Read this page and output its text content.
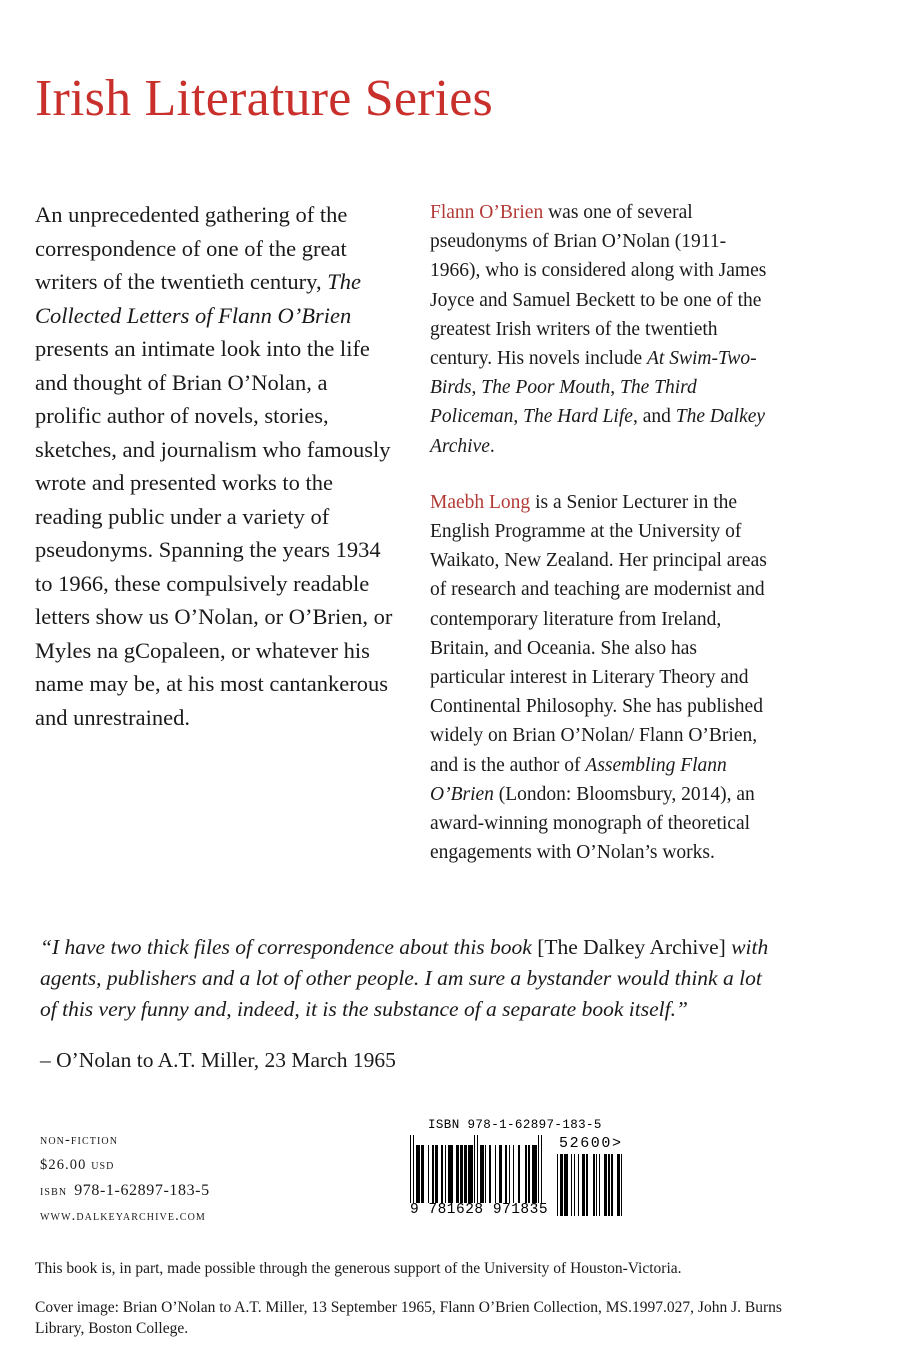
Irish Literature Series

An unprecedented gathering of the correspondence of one of the great writers of the twentieth century, The Collected Letters of Flann O’Brien presents an intimate look into the life and thought of Brian O’Nolan, a prolific author of novels, stories, sketches, and journalism who famously wrote and presented works to the reading public under a variety of pseudonyms. Spanning the years 1934 to 1966, these compulsively readable letters show us O’Nolan, or O’Brien, or Myles na gCopaleen, or whatever his name may be, at his most cantankerous and unrestrained.

Flann O’Brien was one of several pseudonyms of Brian O’Nolan (1911-1966), who is considered along with James Joyce and Samuel Beckett to be one of the greatest Irish writers of the twentieth century. His novels include At Swim-Two-Birds, The Poor Mouth, The Third Policeman, The Hard Life, and The Dalkey Archive.

Maebh Long is a Senior Lecturer in the English Programme at the University of Waikato, New Zealand. Her principal areas of research and teaching are modernist and contemporary literature from Ireland, Britain, and Oceania. She also has particular interest in Literary Theory and Continental Philosophy. She has published widely on Brian O’Nolan/ Flann O’Brien, and is the author of Assembling Flann O’Brien (London: Bloomsbury, 2014), an award-winning monograph of theoretical engagements with O’Nolan’s works.

“I have two thick files of correspondence about this book [The Dalkey Archive] with agents, publishers and a lot of other people. I am sure a bystander would think a lot of this very funny and, indeed, it is the substance of a separate book itself.”

– O’Nolan to A.T. Miller, 23 March 1965

non-fiction
$26.00 usd
isbn 978-1-62897-183-5
www.dalkeyarchive.com
ISBN 978-1-62897-183-5
9 781628 971835
52600>

This book is, in part, made possible through the generous support of the University of Houston-Victoria.

Cover image: Brian O’Nolan to A.T. Miller, 13 September 1965, Flann O’Brien Collection, MS.1997.027, John J. Burns Library, Boston College.
